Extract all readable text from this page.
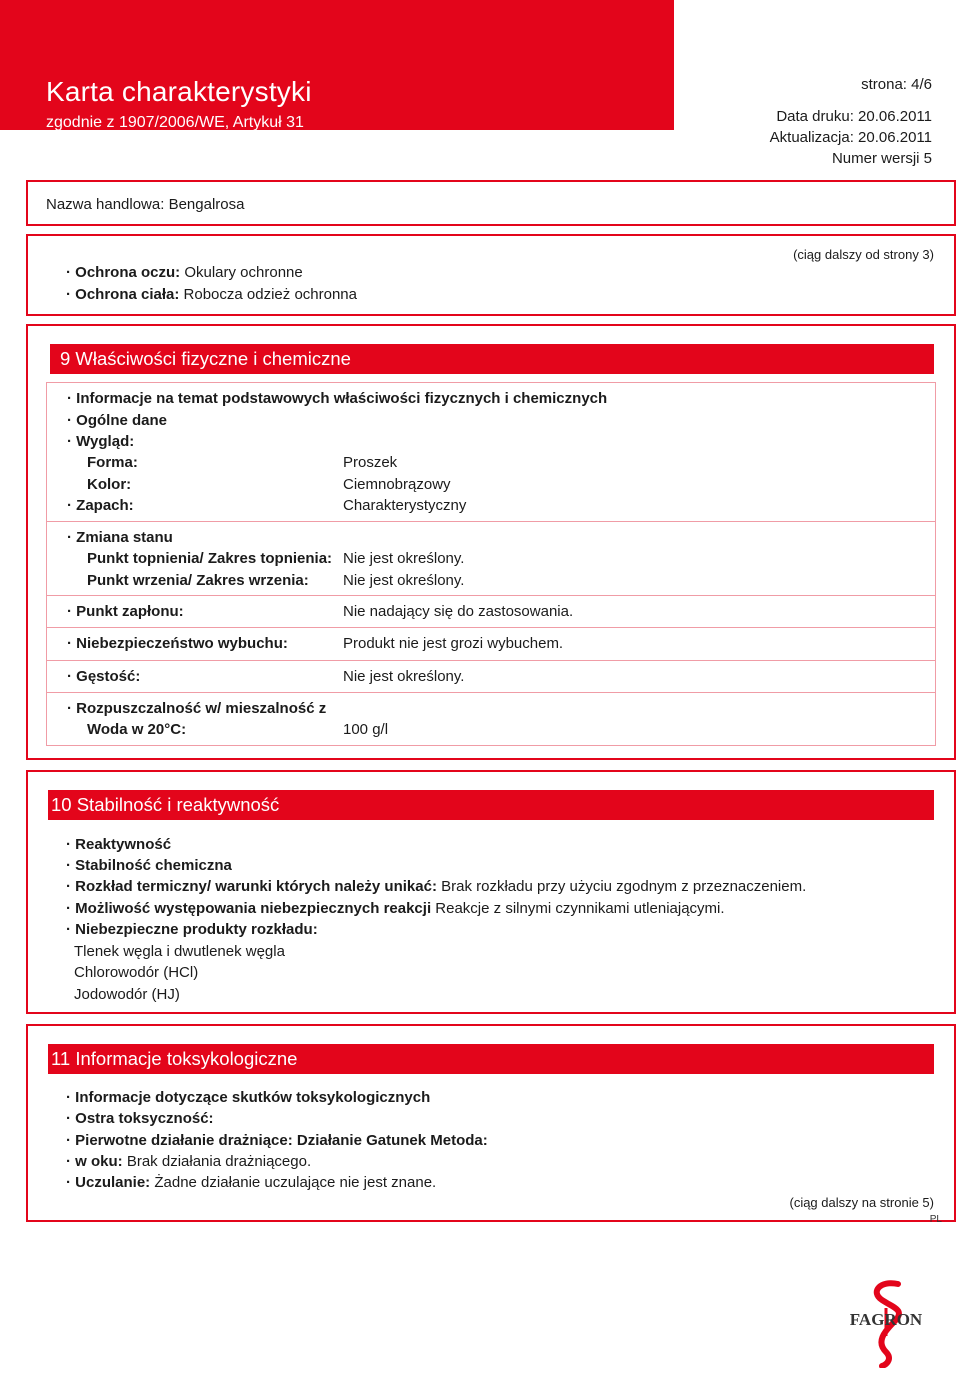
Karta charakterystyki
zgodnie z 1907/2006/WE, Artykuł 31
strona: 4/6
Data druku: 20.06.2011
Aktualizacja: 20.06.2011
Numer wersji 5
Nazwa handlowa: Bengalrosa
(ciąg dalszy od strony 3)
· Ochrona oczu: Okulary ochronne
· Ochrona ciała: Robocza odzież ochronna
9 Właściwości fizyczne i chemiczne
· Informacje na temat podstawowych właściwości fizycznych i chemicznych
· Ogólne dane
· Wygląd:
Forma:	Proszek
Kolor:	Ciemnobrązowy
· Zapach:	Charakterystyczny
· Zmiana stanu
Punkt topnienia/ Zakres topnienia: Nie jest określony.
Punkt wrzenia/ Zakres wrzenia: Nie jest określony.
· Punkt zapłonu:	Nie nadający się do zastosowania.
· Niebezpieczeństwo wybuchu:	Produkt nie jest grozi wybuchem.
· Gęstość:	Nie jest określony.
· Rozpuszczalność w/ mieszalność z
Woda w 20°C:	100 g/l
10 Stabilność i reaktywność
· Reaktywność
· Stabilność chemiczna
· Rozkład termiczny/ warunki których należy unikać: Brak rozkładu przy użyciu zgodnym z przeznaczeniem.
· Możliwość występowania niebezpiecznych reakcji Reakcje z silnymi czynnikami utleniającymi.
· Niebezpieczne produkty rozkładu:
Tlenek węgla i dwutlenek węgla
Chlorowodór (HCl)
Jodowodór (HJ)
11 Informacje toksykologiczne
· Informacje dotyczące skutków toksykologicznych
· Ostra toksyczność:
· Pierwotne działanie drażniące: Działanie Gatunek Metoda:
· w oku: Brak działania drażniącego.
· Uczulanie: Żadne działanie uczulające nie jest znane.
(ciąg dalszy na stronie 5)
PL
FAGRON
